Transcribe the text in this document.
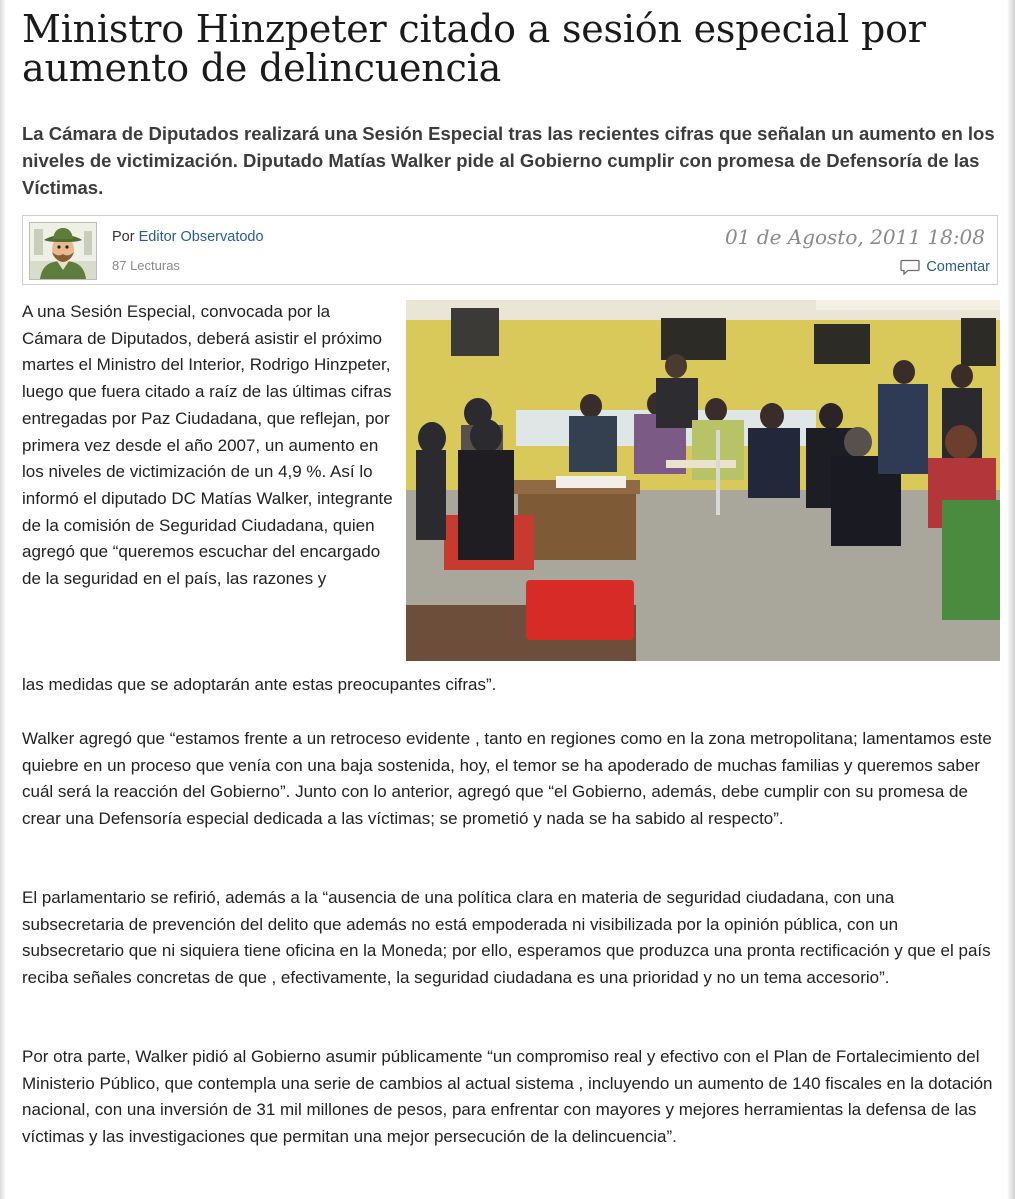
Ministro Hinzpeter citado a sesión especial por aumento de delincuencia

La Cámara de Diputados realizará una Sesión Especial tras las recientes cifras que señalan un aumento en los niveles de victimización. Diputado Matías Walker pide al Gobierno cumplir con promesa de Defensoría de las Víctimas.

Por Editor Observatodo
87 Lecturas
01 de Agosto, 2011 18:08
Comentar

A una Sesión Especial, convocada por la Cámara de Diputados, deberá asistir el próximo martes el Ministro del Interior, Rodrigo Hinzpeter, luego que fuera citado a raíz de las últimas cifras entregadas por Paz Ciudadana, que reflejan, por primera vez desde el año 2007, un aumento en los niveles de victimización de un 4,9 %. Así lo informó el diputado DC Matías Walker, integrante de la comisión de Seguridad Ciudadana, quien agregó que “queremos escuchar del encargado de la seguridad en el país, las razones y

las medidas que se adoptarán ante estas preocupantes cifras”.

Walker agregó que “estamos frente a un retroceso evidente , tanto en regiones como en la zona metropolitana; lamentamos este quiebre en un proceso que venía con una baja sostenida, hoy, el temor se ha apoderado de muchas familias y queremos saber cuál será la reacción del Gobierno”. Junto con lo anterior, agregó que “el Gobierno, además, debe cumplir con su promesa de crear una Defensoría especial dedicada a las víctimas; se prometió y nada se ha sabido al respecto”.

El parlamentario se refirió, además a la “ausencia de una política clara en materia de seguridad ciudadana, con una subsecretaria de prevención del delito que además no está empoderada ni visibilizada por la opinión pública, con un subsecretario que ni siquiera tiene oficina en la Moneda; por ello, esperamos que produzca una pronta rectificación y que el país reciba señales concretas de que , efectivamente, la seguridad ciudadana es una prioridad y no un tema accesorio”.

Por otra parte, Walker pidió al Gobierno asumir públicamente “un compromiso real y efectivo con el Plan de Fortalecimiento del Ministerio Público, que contempla una serie de cambios al actual sistema , incluyendo un aumento de 140 fiscales en la dotación nacional, con una inversión de 31 mil millones de pesos, para enfrentar con mayores y mejores herramientas la defensa de las víctimas y las investigaciones que permitan una mejor persecución de la delincuencia”.
